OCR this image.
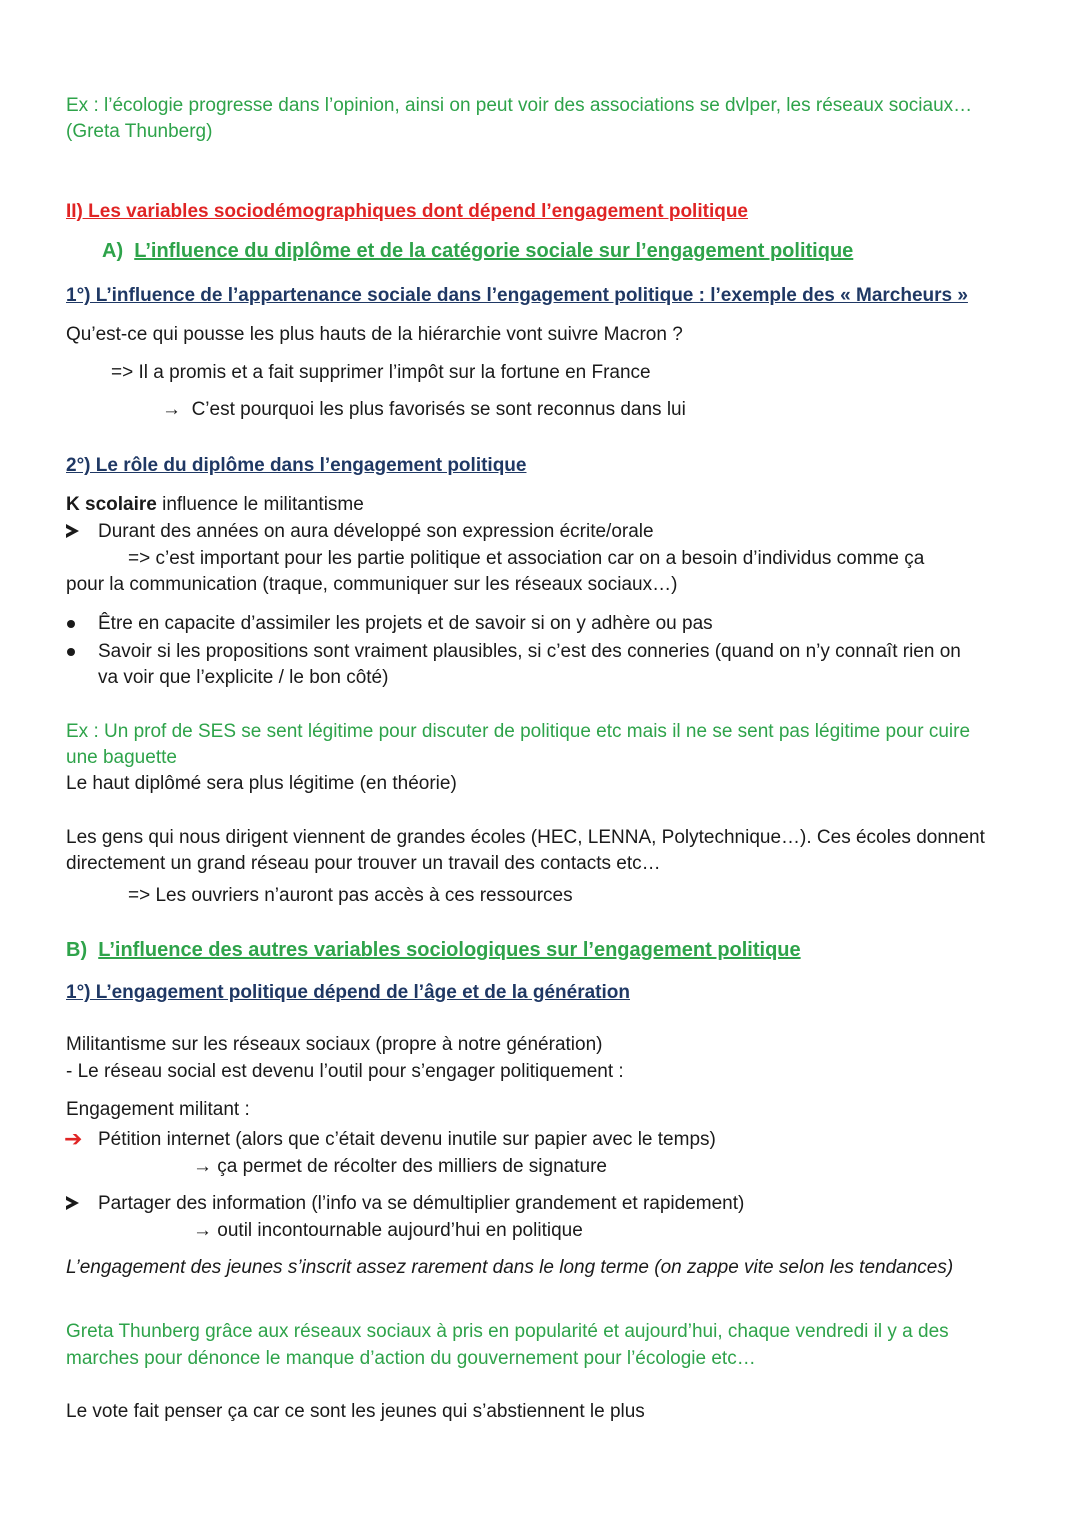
Ex : l’écologie progresse dans l’opinion, ainsi on peut voir des associations se dvlper, les réseaux sociaux…
(Greta Thunberg)
II) Les variables sociodémographiques dont dépend l’engagement politique
A) L’influence du diplôme et de la catégorie sociale sur l’engagement politique
1°) L’influence de l’appartenance sociale dans l’engagement politique : l’exemple des « Marcheurs »
Qu’est-ce qui pousse les plus hauts de la hiérarchie vont suivre Macron ?
=> Il a promis et a fait supprimer l’impôt sur la fortune en France
→ C’est pourquoi les plus favorisés se sont reconnus dans lui
2°) Le rôle du diplôme dans l’engagement politique
K scolaire influence le militantisme
Durant des années on aura développé son expression écrite/orale
=> c’est important pour les partie politique et association car on a besoin d’individus comme ça
pour la communication (traque, communiquer sur les réseaux sociaux…)
Être en capacite d’assimiler les projets et de savoir si on y adhère ou pas
Savoir si les propositions sont vraiment plausibles, si c’est des conneries (quand on n’y connaît rien on
va voir que l’explicite / le bon côté)
Ex : Un prof de SES se sent légitime pour discuter de politique etc mais il ne se sent pas légitime pour cuire
une baguette
Le haut diplômé sera plus légitime (en théorie)
Les gens qui nous dirigent viennent de grandes écoles (HEC, LENNA, Polytechnique…). Ces écoles donnent
directement un grand réseau pour trouver un travail des contacts etc…
=> Les ouvriers n’auront pas accès à ces ressources
B) L’influence des autres variables sociologiques sur l’engagement politique
1°) L’engagement politique dépend de l’âge et de la génération
Militantisme sur les réseaux sociaux (propre à notre génération)
- Le réseau social est devenu l’outil pour s’engager politiquement :
Engagement militant :
➔ Pétition internet (alors que c’était devenu inutile sur papier avec le temps)
→ ça permet de récolter des milliers de signature
Partager des information (l’info va se démultiplier grandement et rapidement)
→ outil incontournable aujourd’hui en politique
L’engagement des jeunes s’inscrit assez rarement dans le long terme (on zappe vite selon les tendances)
Greta Thunberg grâce aux réseaux sociaux à pris en popularité et aujourd’hui, chaque vendredi il y a des
marches pour dénonce le manque d’action du gouvernement pour l’écologie etc…
Le vote fait penser ça car ce sont les jeunes qui s’abstiennent le plus
